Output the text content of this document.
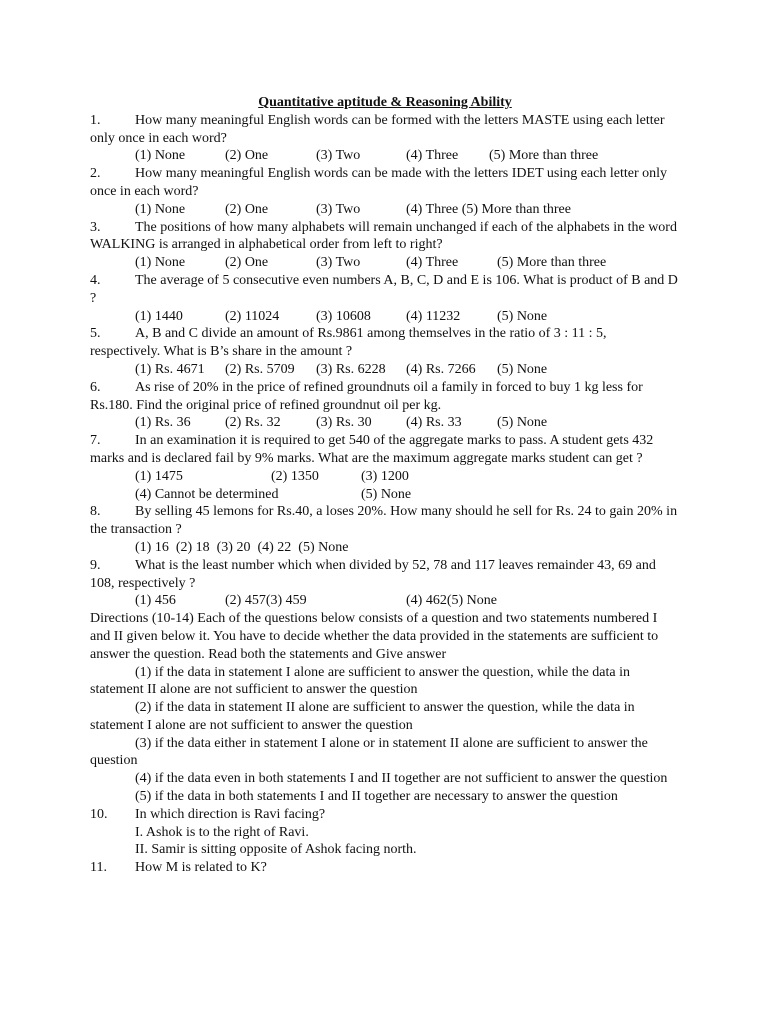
Quantitative aptitude & Reasoning Ability
1.	How many meaningful English words can be formed with the letters MASTE using each letter only once in each word?
(1) None	(2) One	(3) Two	(4) Three (5) More than three
2.	How many meaningful English words can be made with the letters IDET using each letter only once in each word?
(1) None	(2) One	(3) Two	(4) Three (5) More than three
3.	The positions of how many alphabets will remain unchanged if each of the alphabets in the word WALKING is arranged in alphabetical order from left to right?
(1) None	(2) One	(3) Two	(4) Three	(5) More than three
4.	The average of 5 consecutive even numbers A, B, C, D and E is 106. What is product of B and D ?
(1) 1440	(2) 11024	(3) 10608	(4) 11232	(5) None
5.	A, B and C divide an amount of Rs.9861 among themselves in the ratio of 3 : 11 : 5, respectively. What is B’s share in the amount ?
(1) Rs. 4671 (2) Rs. 5709 (3) Rs. 6228 (4) Rs. 7266 (5) None
6.	As rise of 20% in the price of refined groundnuts oil a family in forced to buy 1 kg less for Rs.180. Find the original price of refined groundnut oil per kg.
(1) Rs. 36 (2) Rs. 32	(3) Rs. 30 (4) Rs. 33	(5) None
7.	In an examination it is required to get 540 of the aggregate marks to pass. A student gets 432 marks and is declared fail by 9% marks. What are the maximum aggregate marks student can get ?
(1) 1475	(2) 1350	(3) 1200
(4) Cannot be determined	(5) None
8.	By selling 45 lemons for Rs.40, a loses 20%. How many should he sell for Rs. 24 to gain 20% in the transaction ?
(1) 16  (2) 18  (3) 20  (4) 22  (5) None
9.	What is the least number which when divided by 52, 78 and 117 leaves remainder 43, 69 and 108, respectively ?
(1) 456	(2) 457(3) 459	(4) 462(5) None
Directions (10-14) Each of the questions below consists of a question and two statements numbered I and II given below it. You have to decide whether the data provided in the statements are sufficient to answer the question. Read both the statements and Give answer
(1) if the data in statement I alone are sufficient to answer the question, while the data in statement II alone are not sufficient to answer the question
(2) if the data in statement II alone are sufficient to answer the question, while the data in statement I alone are not sufficient to answer the question
(3) if the data either in statement I alone or in statement II alone are sufficient to answer the question
(4) if the data even in both statements I and II together are not sufficient to answer the question
(5) if the data in both statements I and II together are necessary to answer the question
10.	In which direction is Ravi facing?
I. Ashok is to the right of Ravi.
II. Samir is sitting opposite of Ashok facing north.
11.	How M is related to K?
